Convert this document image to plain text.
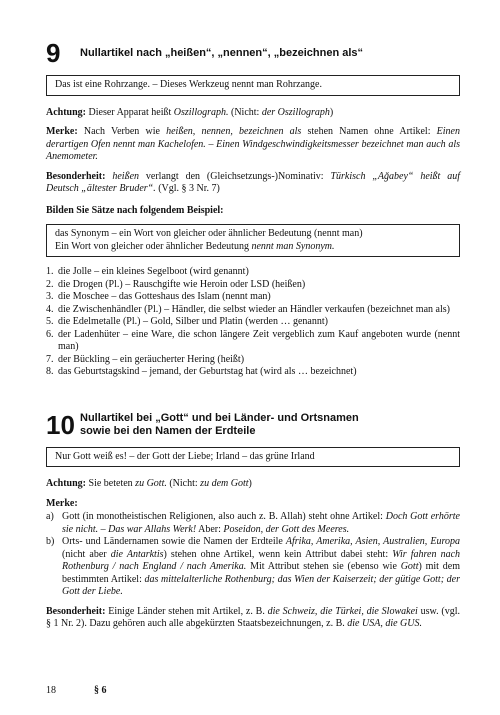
9	Nullartikel nach „heißen“, „nennen“, „bezeichnen als“
Das ist eine Rohrzange. – Dieses Werkzeug nennt man Rohrzange.

Achtung: Dieser Apparat heißt Oszillograph. (Nicht: der Oszillograph)

Merke: Nach Verben wie heißen, nennen, bezeichnen als stehen Namen ohne Artikel: Einen derartigen Ofen nennt man Kachelofen. – Einen Windgeschwindigkeitsmesser bezeichnet man auch als Anemometer.

Besonderheit: heißen verlangt den (Gleichsetzungs-)Nominativ: Türkisch „Ağabey“ heißt auf Deutsch „ältester Bruder“. (Vgl. § 3 Nr. 7)

Bilden Sie Sätze nach folgendem Beispiel:

das Synonym – ein Wort von gleicher oder ähnlicher Bedeutung (nennt man)
Ein Wort von gleicher oder ähnlicher Bedeutung nennt man Synonym.
1. die Jolle – ein kleines Segelboot (wird genannt)
2. die Drogen (Pl.) – Rauschgifte wie Heroin oder LSD (heißen)
3. die Moschee – das Gotteshaus des Islam (nennt man)
4. die Zwischenhändler (Pl.) – Händler, die selbst wieder an Händler verkaufen (bezeichnet man als)
5. die Edelmetalle (Pl.) – Gold, Silber und Platin (werden … genannt)
6. der Ladenhüter – eine Ware, die schon längere Zeit vergeblich zum Kauf angeboten wurde (nennt man)
7. der Bückling – ein geräucherter Hering (heißt)
8. das Geburtstagskind – jemand, der Geburtstag hat (wird als … bezeichnet)
10 Nullartikel bei „Gott“ und bei Länder- und Ortsnamen
sowie bei den Namen der Erdteile
Nur Gott weiß es! – der Gott der Liebe; Irland – das grüne Irland

Achtung: Sie beteten zu Gott. (Nicht: zu dem Gott)

Merke:

a) Gott (in monotheistischen Religionen, also auch z. B. Allah) steht ohne Artikel: Doch Gott erhörte sie nicht. – Das war Allahs Werk! Aber: Poseidon, der Gott des Meeres.
b) Orts- und Ländernamen sowie die Namen der Erdteile Afrika, Amerika, Asien, Australien, Europa (nicht aber die Antarktis) stehen ohne Artikel, wenn kein Attribut dabei steht: Wir fahren nach Rothenburg / nach England / nach Amerika. Mit Attribut stehen sie (ebenso wie Gott) mit dem bestimmten Artikel: das mittelalterliche Rothenburg; das Wien der Kaiserzeit; der gütige Gott; der Gott der Liebe.

Besonderheit: Einige Länder stehen mit Artikel, z. B. die Schweiz, die Türkei, die Slowakei usw. (vgl. § 1 Nr. 2). Dazu gehören auch alle abgekürzten Staatsbezeichnungen, z. B. die USA, die GUS.

18	§ 6
